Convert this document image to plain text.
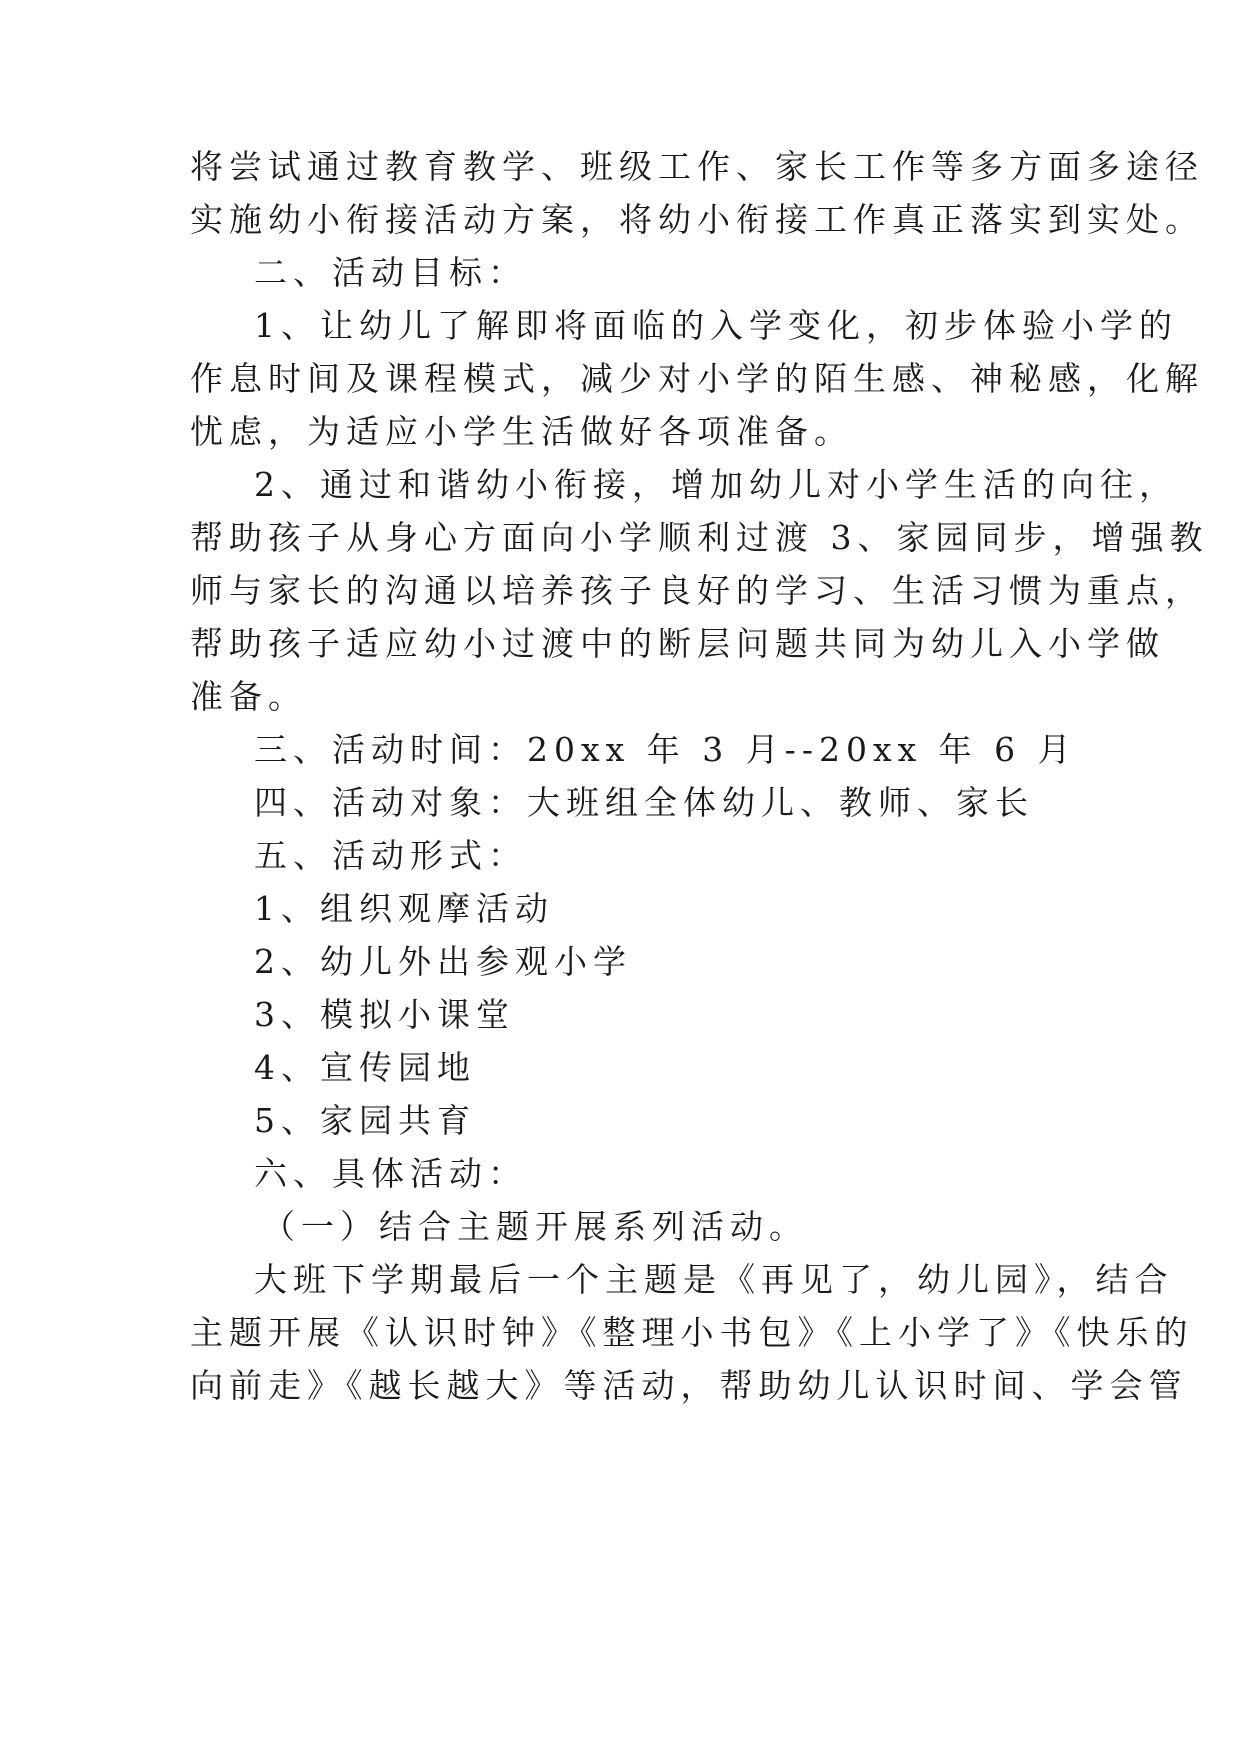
将尝试通过教育教学、班级工作、家长工作等多方面多途径
实施幼小衔接活动方案，将幼小衔接工作真正落实到实处。
二、活动目标：
1、让幼儿了解即将面临的入学变化，初步体验小学的
作息时间及课程模式，减少对小学的陌生感、神秘感，化解
忧虑，为适应小学生活做好各项准备。
2、通过和谐幼小衔接，增加幼儿对小学生活的向往，
帮助孩子从身心方面向小学顺利过渡 3、家园同步，增强教
师与家长的沟通以培养孩子良好的学习、生活习惯为重点，
帮助孩子适应幼小过渡中的断层问题共同为幼儿入小学做
准备。
三、活动时间：20xx 年 3 月--20xx 年 6 月
四、活动对象：大班组全体幼儿、教师、家长
五、活动形式：
1、组织观摩活动
2、幼儿外出参观小学
3、模拟小课堂
4、宣传园地
5、家园共育
六、具体活动：
（一）结合主题开展系列活动。
大班下学期最后一个主题是《再见了，幼儿园》，结合
主题开展《认识时钟》《整理小书包》《上小学了》《快乐的
向前走》《越长越大》等活动，帮助幼儿认识时间、学会管
